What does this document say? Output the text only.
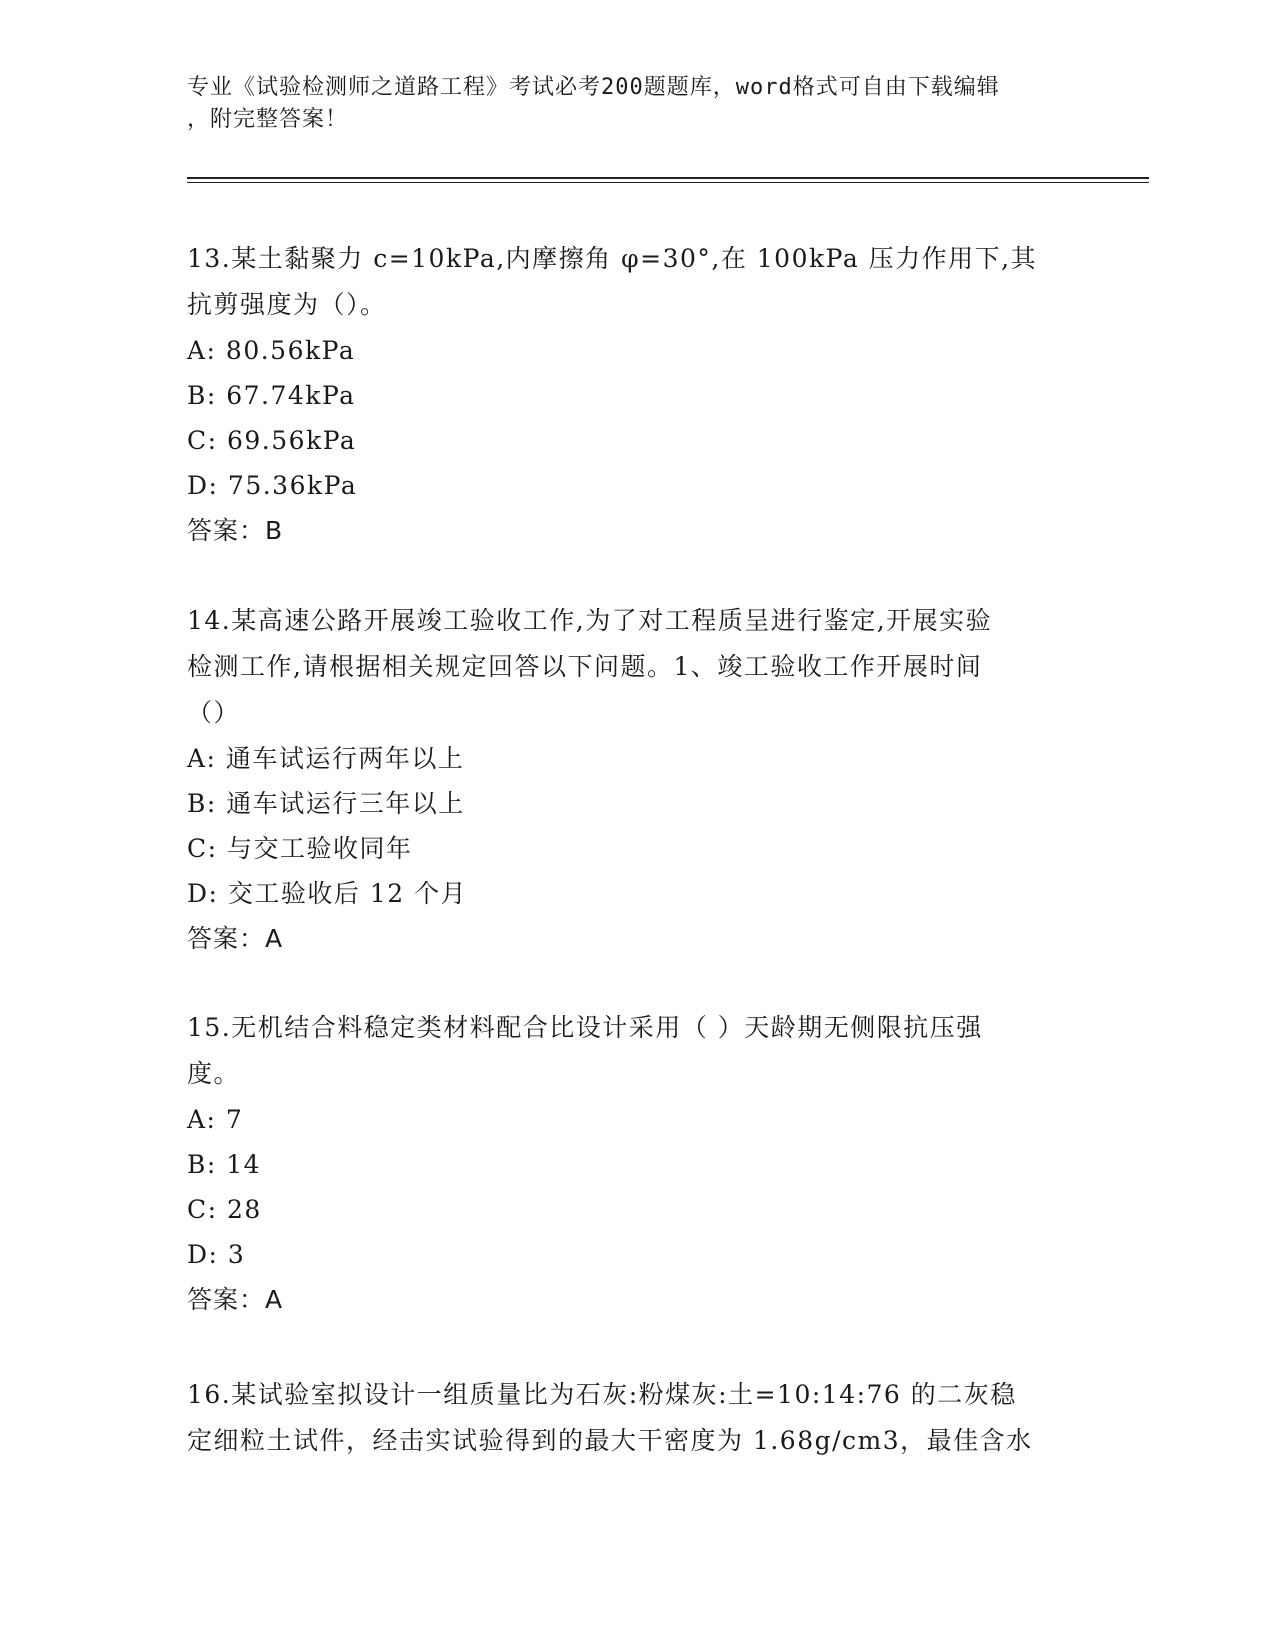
专业《试验检测师之道路工程》考试必考200题题库，word格式可自由下载编辑
，附完整答案！
13.某土黏聚力 c=10kPa,内摩擦角 φ=30°,在 100kPa 压力作用下,其
抗剪强度为（）。
A: 80.56kPa
B: 67.74kPa
C: 69.56kPa
D: 75.36kPa
答案：B
14.某高速公路开展竣工验收工作,为了对工程质呈进行鉴定,开展实验
检测工作,请根据相关规定回答以下问题。1、竣工验收工作开展时间
（）
A: 通车试运行两年以上
B: 通车试运行三年以上
C: 与交工验收同年
D: 交工验收后 12 个月
答案：A
15.无机结合料稳定类材料配合比设计采用（ ）天龄期无侧限抗压强
度。
A: 7
B: 14
C: 28
D: 3
答案：A
16.某试验室拟设计一组质量比为石灰:粉煤灰:土=10:14:76 的二灰稳
定细粒土试件，经击实试验得到的最大干密度为 1.68g/cm3，最佳含水
